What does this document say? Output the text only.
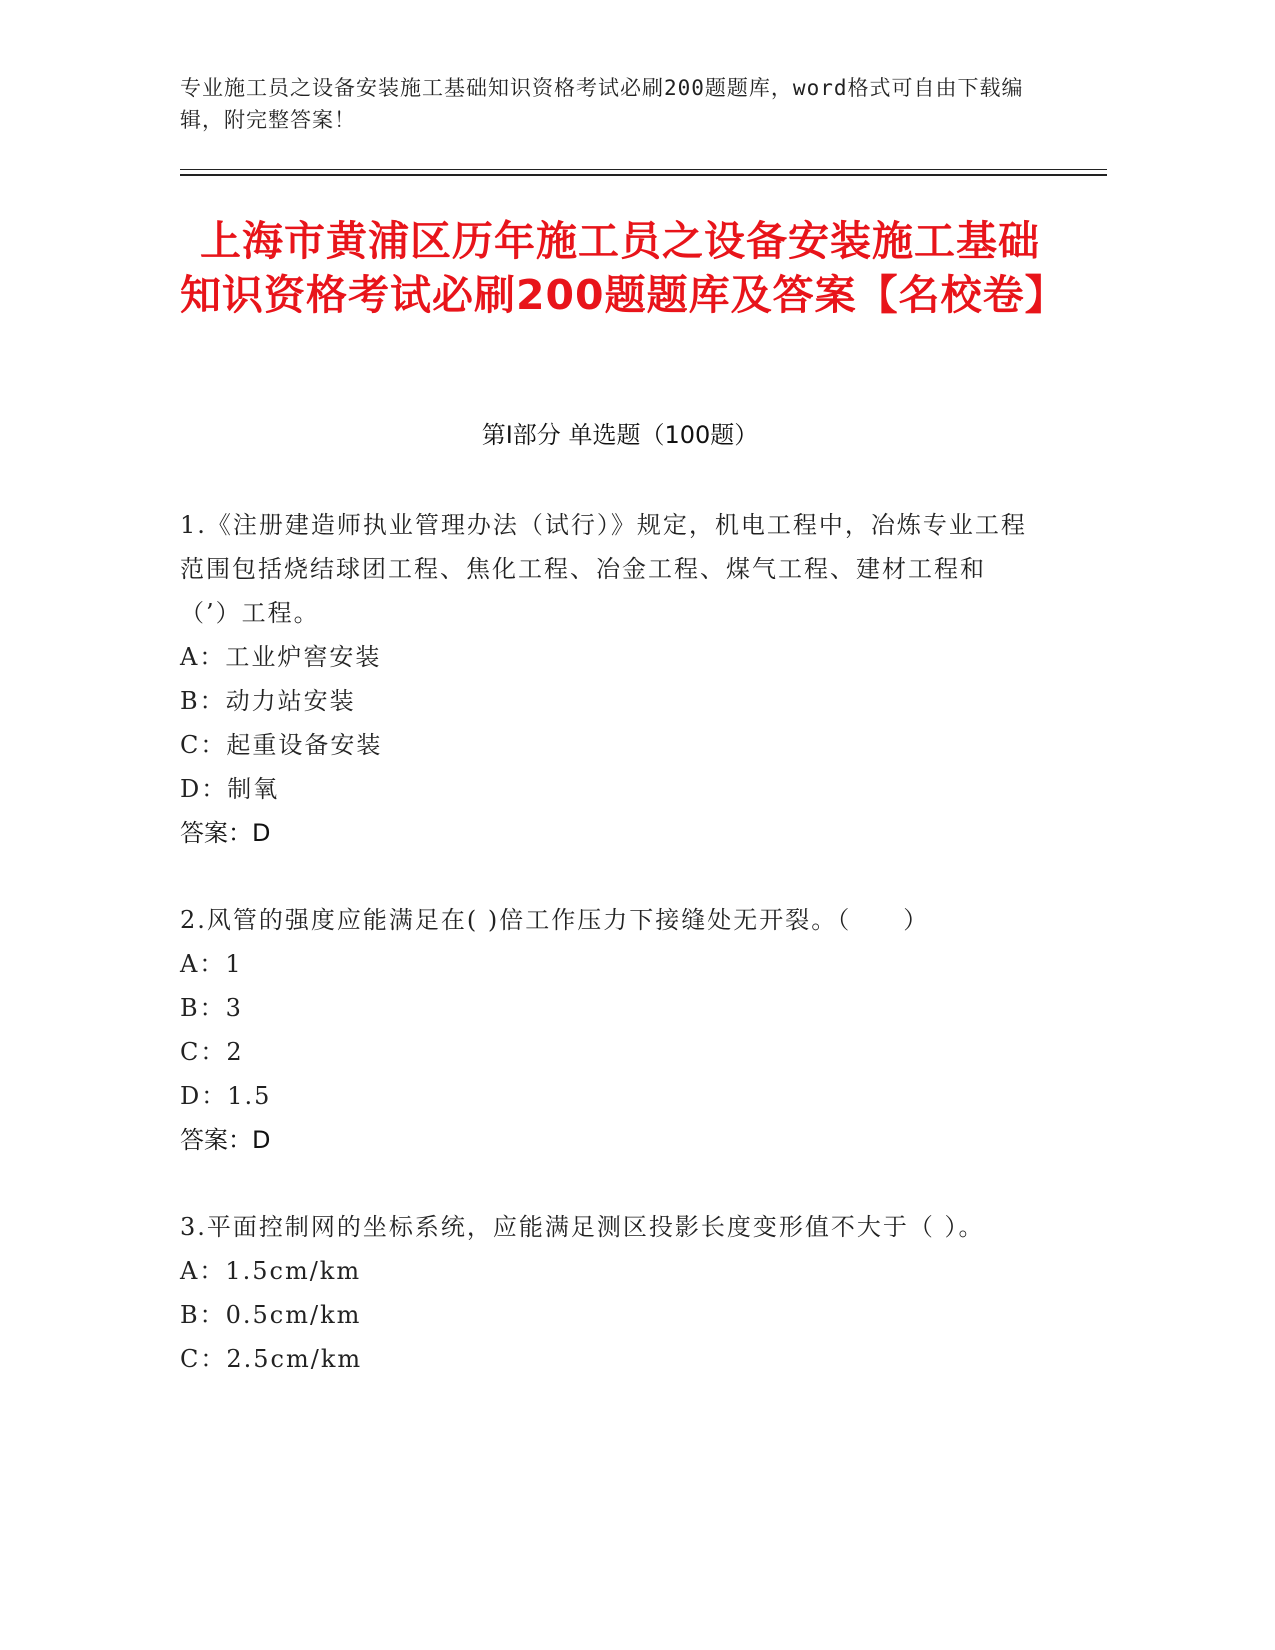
专业施工员之设备安装施工基础知识资格考试必刷200题题库，word格式可自由下载编辑，附完整答案！
上海市黄浦区历年施工员之设备安装施工基础知识资格考试必刷200题题库及答案【名校卷】
第Ⅰ部分 单选题（100题）

1.《注册建造师执业管理办法（试行）》规定，机电工程中，冶炼专业工程范围包括烧结球团工程、焦化工程、冶金工程、煤气工程、建材工程和（’）工程。

A：工业炉窖安装

B：动力站安装

C：起重设备安装

D：制氧

答案：D

2.风管的强度应能满足在( )倍工作压力下接缝处无开裂。（　　）

A：1

B：3

C：2

D：1.5

答案：D

3.平面控制网的坐标系统，应能满足测区投影长度变形值不大于（ ）。

A：1.5cm/km

B：0.5cm/km

C：2.5cm/km
